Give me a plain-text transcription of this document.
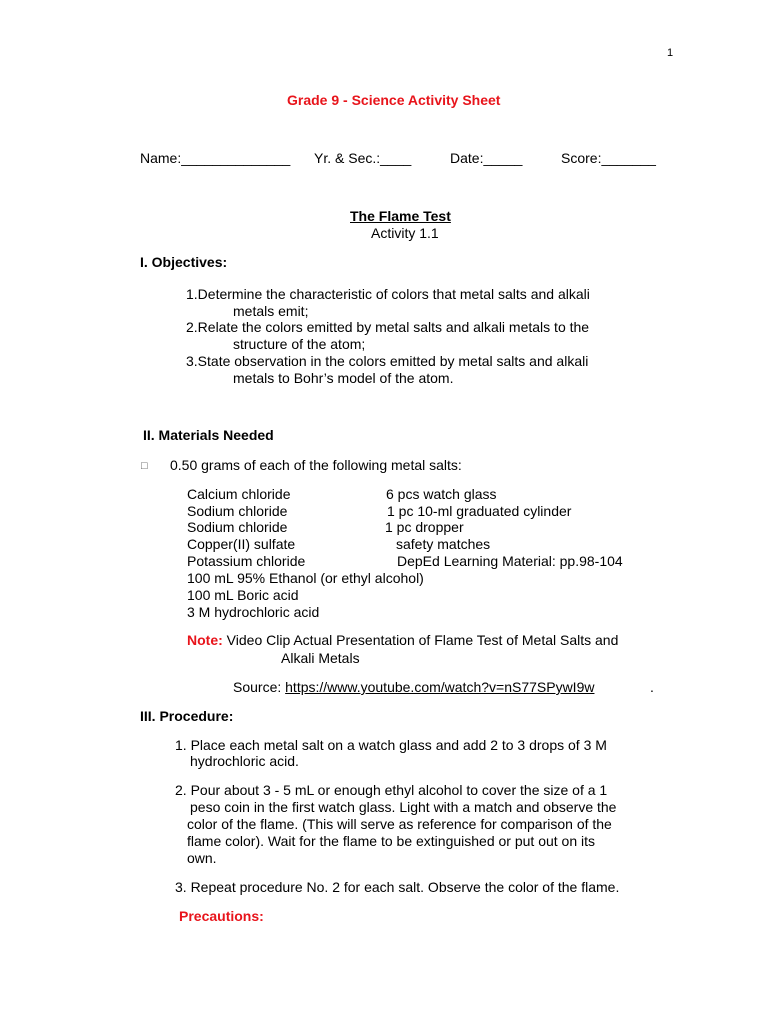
1
Grade 9 - Science Activity Sheet
Name:______________ Yr. & Sec.:____	Date:_____	Score:_______
The Flame Test
Activity 1.1
I. Objectives:
1.Determine the characteristic of colors that metal salts and alkali
metals emit;
2.Relate the colors emitted by metal salts and alkali metals to the
structure of the atom;
3.State observation in the colors emitted by metal salts and alkali
metals to Bohr’s model of the atom.
II. Materials Needed
□ 0.50 grams of each of the following metal salts:
Calcium chloride
Sodium chloride
Sodium chloride
Copper(II) sulfate
Potassium chloride
100 mL 95% Ethanol (or ethyl alcohol)
100 mL Boric acid
3 M hydrochloric acid
6 pcs watch glass
1 pc 10-ml graduated cylinder
1 pc dropper
safety matches
DepEd Learning Material: pp.98-104
Note: Video Clip Actual Presentation of Flame Test of Metal Salts and
Alkali Metals
Source: https://www.youtube.com/watch?v=nS77SPywI9w	.
III. Procedure:
1. Place each metal salt on a watch glass and add 2 to 3 drops of 3 M
hydrochloric acid.
2. Pour about 3 - 5 mL or enough ethyl alcohol to cover the size of a 1
peso coin in the first watch glass. Light with a match and observe the
color of the flame. (This will serve as reference for comparison of the
flame color). Wait for the flame to be extinguished or put out on its
own.
3. Repeat procedure No. 2 for each salt. Observe the color of the flame.
Precautions:
